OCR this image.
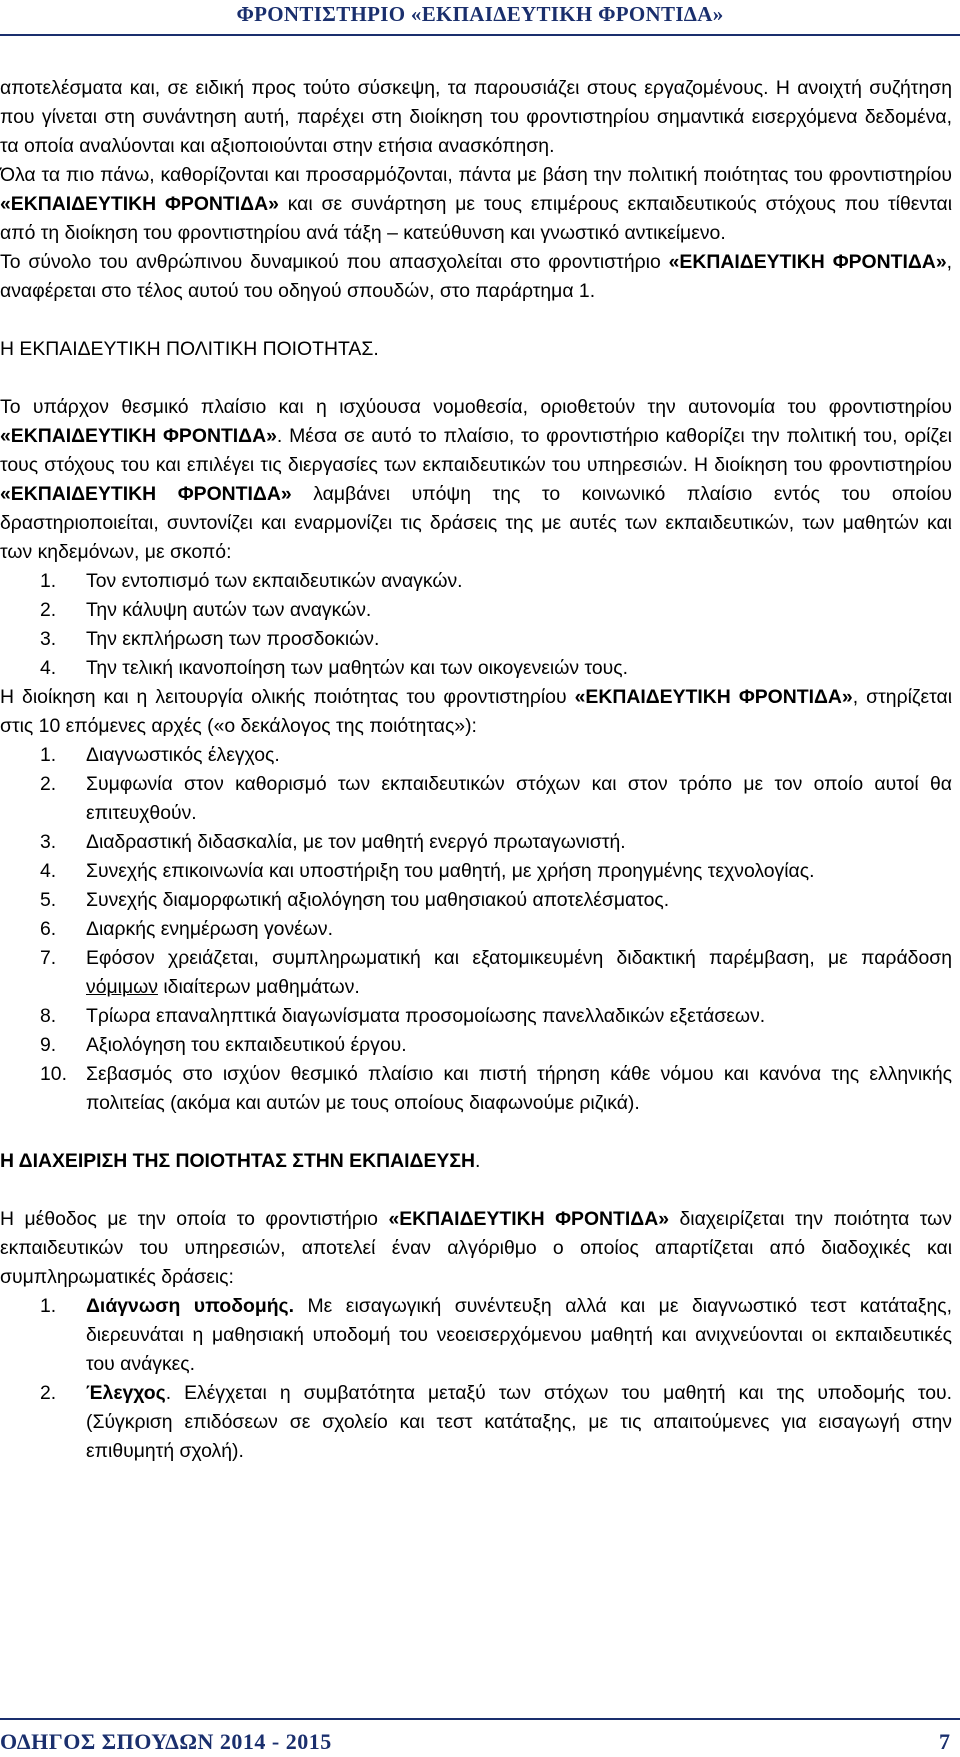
ΦΡΟΝΤΙΣΤΗΡΙΟ «ΕΚΠΑΙΔΕΥΤΙΚΗ ΦΡΟΝΤΙΔΑ»

αποτελέσματα και, σε ειδική προς τούτο σύσκεψη, τα παρουσιάζει στους εργαζομένους. Η ανοιχτή συζήτηση που γίνεται στη συνάντηση αυτή, παρέχει στη διοίκηση του φροντιστηρίου σημαντικά εισερχόμενα δεδομένα, τα οποία αναλύονται και αξιοποιούνται στην ετήσια ανασκόπηση.

Όλα τα πιο πάνω, καθορίζονται και προσαρμόζονται, πάντα με βάση την πολιτική ποιότητας του φροντιστηρίου «ΕΚΠΑΙΔΕΥΤΙΚΗ ΦΡΟΝΤΙΔΑ» και σε συνάρτηση με τους επιμέρους εκπαιδευτικούς στόχους που τίθενται από τη διοίκηση του φροντιστηρίου ανά τάξη – κατεύθυνση και γνωστικό αντικείμενο.

Το σύνολο του ανθρώπινου δυναμικού που απασχολείται στο φροντιστήριο «ΕΚΠΑΙΔΕΥΤΙΚΗ ΦΡΟΝΤΙΔΑ», αναφέρεται στο τέλος αυτού του οδηγού σπουδών, στο παράρτημα 1.

Η ΕΚΠΑΙΔΕΥΤΙΚΗ ΠΟΛΙΤΙΚΗ ΠΟΙΟΤΗΤΑΣ.

Το υπάρχον θεσμικό πλαίσιο και η ισχύουσα νομοθεσία, οριοθετούν την αυτονομία του φροντιστηρίου «ΕΚΠΑΙΔΕΥΤΙΚΗ ΦΡΟΝΤΙΔΑ». Μέσα σε αυτό το πλαίσιο, το φροντιστήριο καθορίζει την πολιτική του, ορίζει τους στόχους του και επιλέγει τις διεργασίες των εκπαιδευτικών του υπηρεσιών. Η διοίκηση του φροντιστηρίου «ΕΚΠΑΙΔΕΥΤΙΚΗ ΦΡΟΝΤΙΔΑ» λαμβάνει υπόψη της το κοινωνικό πλαίσιο εντός του οποίου δραστηριοποιείται, συντονίζει και εναρμονίζει τις δράσεις της με αυτές των εκπαιδευτικών, των μαθητών και των κηδεμόνων, με σκοπό:

1. Τον εντοπισμό των εκπαιδευτικών αναγκών.
2. Την κάλυψη αυτών των αναγκών.
3. Την εκπλήρωση των προσδοκιών.
4. Την τελική ικανοποίηση των μαθητών και των οικογενειών τους.

Η διοίκηση και η λειτουργία ολικής ποιότητας του φροντιστηρίου «ΕΚΠΑΙΔΕΥΤΙΚΗ ΦΡΟΝΤΙΔΑ», στηρίζεται στις 10 επόμενες αρχές («ο δεκάλογος της ποιότητας»):

1. Διαγνωστικός έλεγχος.
2. Συμφωνία στον καθορισμό των εκπαιδευτικών στόχων και στον τρόπο με τον οποίο αυτοί θα επιτευχθούν.
3. Διαδραστική διδασκαλία, με τον μαθητή ενεργό πρωταγωνιστή.
4. Συνεχής επικοινωνία και υποστήριξη του μαθητή, με χρήση προηγμένης τεχνολογίας.
5. Συνεχής διαμορφωτική αξιολόγηση του μαθησιακού αποτελέσματος.
6. Διαρκής ενημέρωση γονέων.
7. Εφόσον χρειάζεται, συμπληρωματική και εξατομικευμένη διδακτική παρέμβαση, με παράδοση νόμιμων ιδιαίτερων μαθημάτων.
8. Τρίωρα επαναληπτικά διαγωνίσματα προσομοίωσης πανελλαδικών εξετάσεων.
9. Αξιολόγηση του εκπαιδευτικού έργου.
10. Σεβασμός στο ισχύον θεσμικό πλαίσιο και πιστή τήρηση κάθε νόμου και κανόνα της ελληνικής πολιτείας (ακόμα και αυτών με τους οποίους διαφωνούμε ριζικά).

Η ΔΙΑΧΕΙΡΙΣΗ ΤΗΣ ΠΟΙΟΤΗΤΑΣ ΣΤΗΝ ΕΚΠΑΙΔΕΥΣΗ.

Η μέθοδος με την οποία το φροντιστήριο «ΕΚΠΑΙΔΕΥΤΙΚΗ ΦΡΟΝΤΙΔΑ» διαχειρίζεται την ποιότητα των εκπαιδευτικών του υπηρεσιών, αποτελεί έναν αλγόριθμο ο οποίος απαρτίζεται από διαδοχικές και συμπληρωματικές δράσεις:

1. Διάγνωση υποδομής. Με εισαγωγική συνέντευξη αλλά και με διαγνωστικό τεστ κατάταξης, διερευνάται η μαθησιακή υποδομή του νεοεισερχόμενου μαθητή και ανιχνεύονται οι εκπαιδευτικές του ανάγκες.
2. Έλεγχος. Ελέγχεται η συμβατότητα μεταξύ των στόχων του μαθητή και της υποδομής του. (Σύγκριση επιδόσεων σε σχολείο και τεστ κατάταξης, με τις απαιτούμενες για εισαγωγή στην επιθυμητή σχολή).
ΟΔΗΓΟΣ ΣΠΟΥΔΩΝ 2014 - 2015	7
